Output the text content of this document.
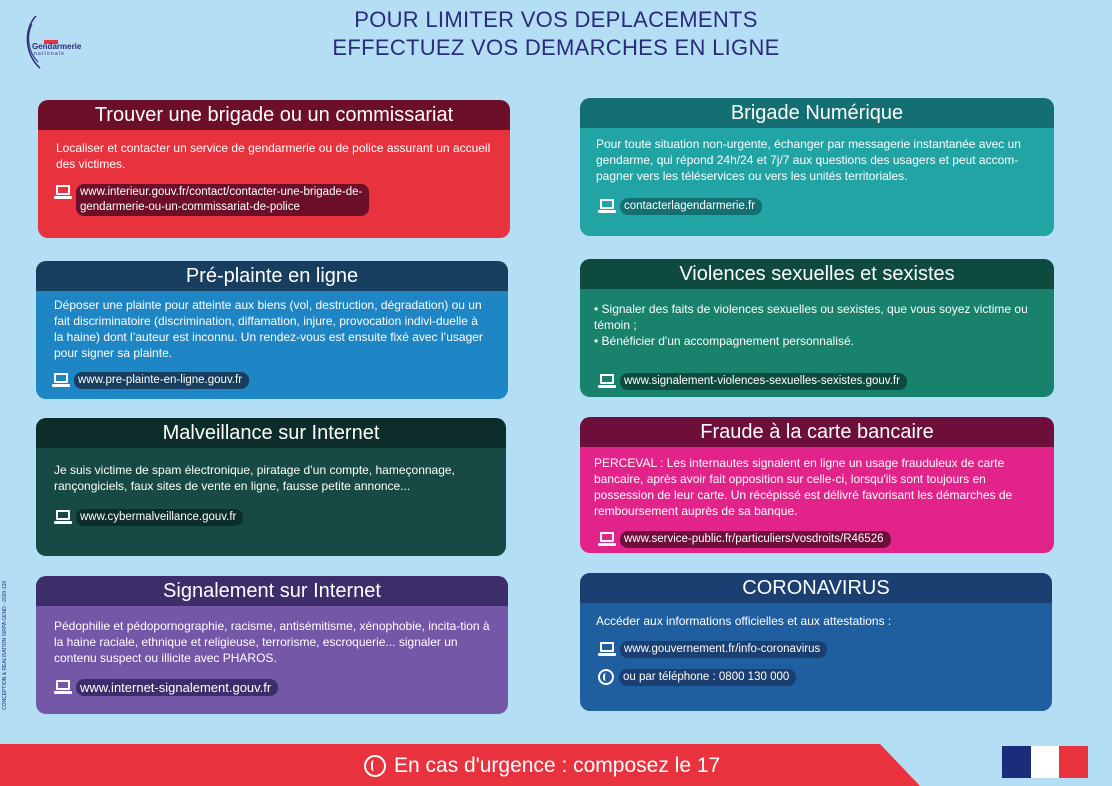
Gendarmerie
nationale
POUR LIMITER VOS DEPLACEMENTS
EFFECTUEZ VOS DEMARCHES EN LIGNE
CONCEPTION & RÉALISATION SIRPA GEND - 2020-120
Trouver une brigade ou un commissariat

Localiser et contacter un service de gendarmerie ou de police assurant un accueil des victimes.

www.interieur.gouv.fr/contact/contacter-une-brigade-de-
gendarmerie-ou-un-commissariat-de-police
Pré-plainte en ligne

Déposer une plainte pour atteinte aux biens (vol, destruction, dégradation) ou un fait discriminatoire (discrimination, diffamation, injure, provocation indivi-duelle à la haine) dont l’auteur est inconnu. Un rendez-vous est ensuite fixé avec l’usager pour signer sa plainte.

www.pre-plainte-en-ligne.gouv.fr
Malveillance sur Internet

Je suis victime de spam électronique, piratage d’un compte, hameçonnage, rançongiciels, faux sites de vente en ligne, fausse petite annonce...

www.cybermalveillance.gouv.fr
Signalement sur Internet

Pédophilie et pédopornographie, racisme, antisémitisme, xénophobie, incita-tion à la haine raciale, ethnique et religieuse, terrorisme, escroquerie... signaler un contenu suspect ou illicite avec PHAROS.

www.internet-signalement.gouv.fr
Brigade Numérique

Pour toute situation non-urgente, échanger par messagerie instantanée avec un gendarme, qui répond 24h/24 et 7j/7 aux questions des usagers et peut accom-pagner vers les téléservices ou vers les unités territoriales.

contacterlagendarmerie.fr
Violences sexuelles et sexistes

• Signaler des faits de violences sexuelles ou sexistes, que vous soyez victime ou témoin ;

• Bénéficier d'un accompagnement personnalisé.

www.signalement-violences-sexuelles-sexistes.gouv.fr
Fraude à la carte bancaire

PERCEVAL : Les internautes signalent en ligne un usage frauduleux de carte bancaire, après avoir fait opposition sur celle-ci, lorsqu'ils sont toujours en possession de leur carte. Un récépissé est délivré favorisant les démarches de remboursement auprès de sa banque.

www.service-public.fr/particuliers/vosdroits/R46526
CORONAVIRUS

Accéder aux informations officielles et aux attestations :

www.gouvernement.fr/info-coronavirus
ou par téléphone : 0800 130 000
En cas d'urgence : composez le 17
